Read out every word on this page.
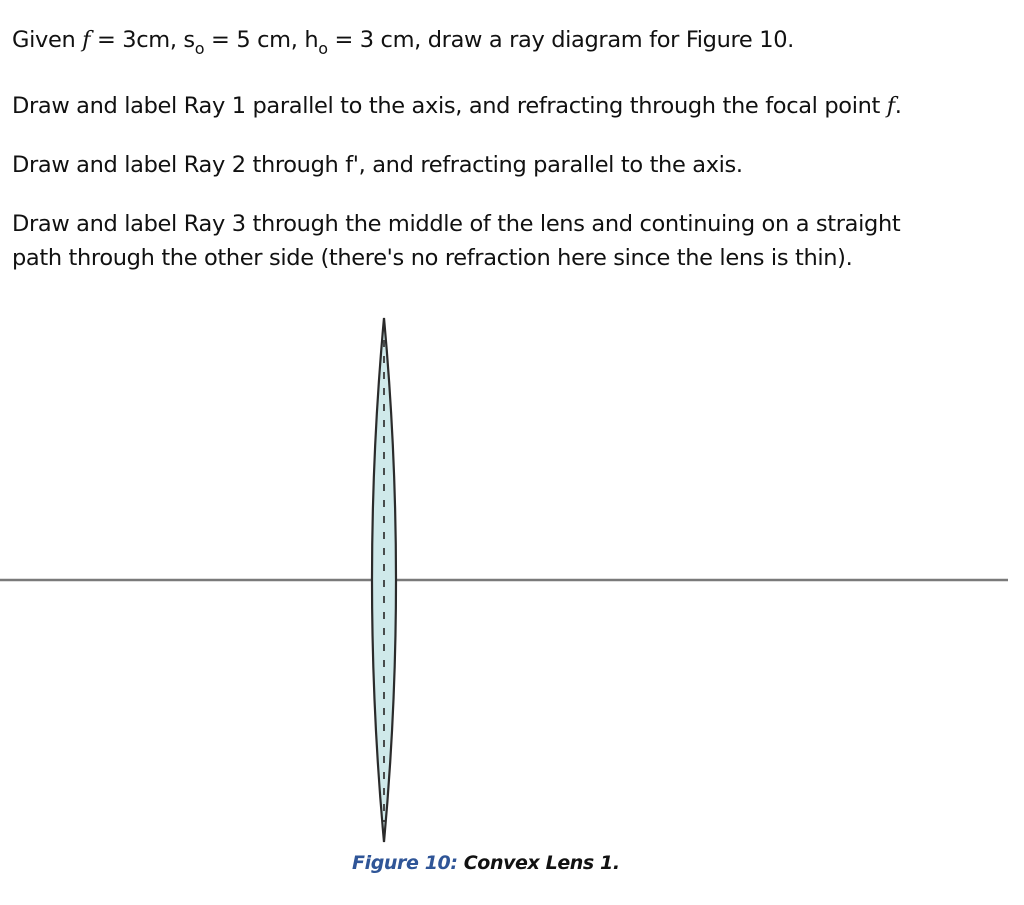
Given f = 3cm, $s_o = 5$ cm, $h_o = 3$ cm, draw a ray diagram for Figure 10.

Draw and label Ray 1 parallel to the axis, and refracting through the focal point f.

Draw and label Ray 2 through f', and refracting parallel to the axis.

Draw and label Ray 3 through the middle of the lens and continuing on a straight
path through the other side (there's no refraction here since the lens is thin).

Figure 10: Convex Lens 1.
